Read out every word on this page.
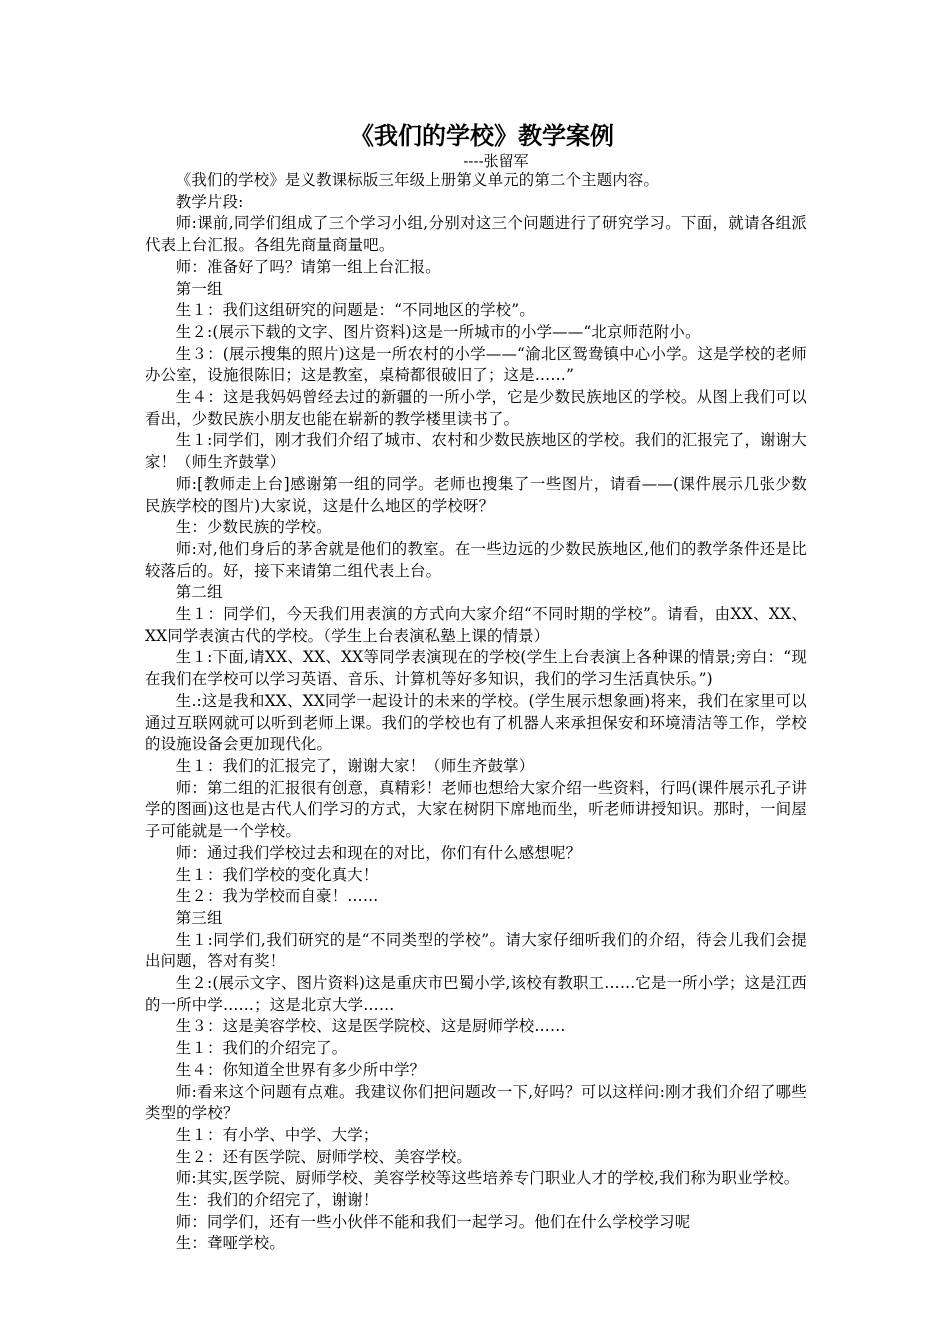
《我们的学校》教学案例

----张留军

《我们的学校》是义教课标版三年级上册第义单元的第二个主题内容。

教学片段:

师:课前,同学们组成了三个学习小组,分别对这三个问题进行了研究学习。下面，就请各组派代表上台汇报。各组先商量商量吧。

师：准备好了吗？请第一组上台汇报。

第一组

生１：我们这组研究的问题是：“不同地区的学校”。

生２:(展示下载的文字、图片资料)这是一所城市的小学——“北京师范附小。

生３：(展示搜集的照片)这是一所农村的小学——“渝北区鸳鸯镇中心小学。这是学校的老师办公室，设施很陈旧；这是教室，桌椅都很破旧了；这是……”

生４：这是我妈妈曾经去过的新疆的一所小学，它是少数民族地区的学校。从图上我们可以看出，少数民族小朋友也能在崭新的教学楼里读书了。

生１:同学们，刚才我们介绍了城市、农村和少数民族地区的学校。我们的汇报完了，谢谢大家！（师生齐鼓掌）

师:[教师走上台]感谢第一组的同学。老师也搜集了一些图片，请看——(课件展示几张少数民族学校的图片)大家说，这是什么地区的学校呀？

生：少数民族的学校。

师:对,他们身后的茅舍就是他们的教室。在一些边远的少数民族地区,他们的教学条件还是比较落后的。好，接下来请第二组代表上台。

第二组

生１：同学们，今天我们用表演的方式向大家介绍“不同时期的学校”。请看，由XX、XX、XX同学表演古代的学校。（学生上台表演私塾上课的情景）

生１:下面,请XX、XX、XX等同学表演现在的学校(学生上台表演上各种课的情景;旁白：“现在我们在学校可以学习英语、音乐、计算机等好多知识，我们的学习生活真快乐。”)

生.:这是我和XX、XX同学一起设计的未来的学校。(学生展示想象画)将来，我们在家里可以通过互联网就可以听到老师上课。我们的学校也有了机器人来承担保安和环境清洁等工作，学校的设施设备会更加现代化。

生１：我们的汇报完了，谢谢大家！（师生齐鼓掌）

师：第二组的汇报很有创意，真精彩！老师也想给大家介绍一些资料，行吗(课件展示孔子讲学的图画)这也是古代人们学习的方式，大家在树阴下席地而坐，听老师讲授知识。那时，一间屋子可能就是一个学校。

师：通过我们学校过去和现在的对比，你们有什么感想呢？

生１：我们学校的变化真大！

生２：我为学校而自豪！……

第三组

生１:同学们,我们研究的是“不同类型的学校”。请大家仔细听我们的介绍，待会儿我们会提出问题，答对有奖！

生２:(展示文字、图片资料)这是重庆市巴蜀小学,该校有教职工……它是一所小学；这是江西的一所中学……；这是北京大学……

生３：这是美容学校、这是医学院校、这是厨师学校……

生１：我们的介绍完了。

生４：你知道全世界有多少所中学？

师:看来这个问题有点难。我建议你们把问题改一下,好吗？可以这样问:刚才我们介绍了哪些类型的学校？

生１：有小学、中学、大学；

生２：还有医学院、厨师学校、美容学校。

师:其实,医学院、厨师学校、美容学校等这些培养专门职业人才的学校,我们称为职业学校。

生：我们的介绍完了，谢谢！

师：同学们，还有一些小伙伴不能和我们一起学习。他们在什么学校学习呢

生：聋哑学校。
